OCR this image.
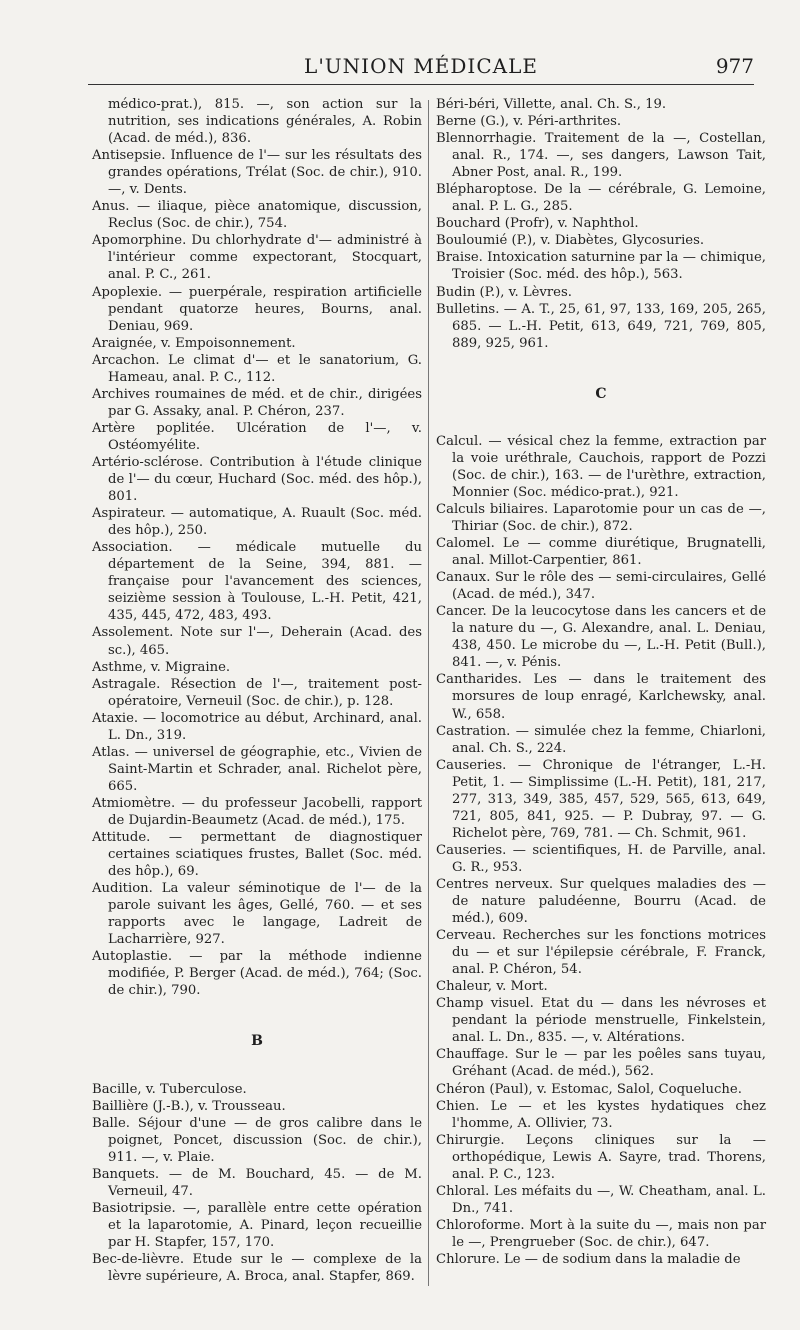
L'UNION MÉDICALE	977

médico-prat.), 815. —, son action sur la nutrition, ses indications générales, A. Robin (Acad. de méd.), 836.

Antisepsie. Influence de l'— sur les résultats des grandes opérations, Trélat (Soc. de chir.), 910. —, v. Dents.

Anus. — iliaque, pièce anatomique, discussion, Reclus (Soc. de chir.), 754.

Apomorphine. Du chlorhydrate d'— administré à l'intérieur comme expectorant, Stocquart, anal. P. C., 261.

Apoplexie. — puerpérale, respiration artificielle pendant quatorze heures, Bourns, anal. Deniau, 969.

Araignée, v. Empoisonnement.

Arcachon. Le climat d'— et le sanatorium, G. Hameau, anal. P. C., 112.

Archives roumaines de méd. et de chir., dirigées par G. Assaky, anal. P. Chéron, 237.

Artère poplitée. Ulcération de l'—, v. Ostéomyélite.

Artério-sclérose. Contribution à l'étude clinique de l'— du cœur, Huchard (Soc. méd. des hôp.), 801.

Aspirateur. — automatique, A. Ruault (Soc. méd. des hôp.), 250.

Association. — médicale mutuelle du département de la Seine, 394, 881. — française pour l'avancement des sciences, seizième session à Toulouse, L.-H. Petit, 421, 435, 445, 472, 483, 493.

Assolement. Note sur l'—, Deherain (Acad. des sc.), 465.

Asthme, v. Migraine.

Astragale. Résection de l'—, traitement post-opératoire, Verneuil (Soc. de chir.), p. 128.

Ataxie. — locomotrice au début, Archinard, anal. L. Dn., 319.

Atlas. — universel de géographie, etc., Vivien de Saint-Martin et Schrader, anal. Richelot père, 665.

Atmiomètre. — du professeur Jacobelli, rapport de Dujardin-Beaumetz (Acad. de méd.), 175.

Attitude. — permettant de diagnostiquer certaines sciatiques frustes, Ballet (Soc. méd. des hôp.), 69.

Audition. La valeur séminotique de l'— de la parole suivant les âges, Gellé, 760. — et ses rapports avec le langage, Ladreit de Lacharrière, 927.

Autoplastie. — par la méthode indienne modifiée, P. Berger (Acad. de méd.), 764; (Soc. de chir.), 790.

B

Bacille, v. Tuberculose.

Baillière (J.-B.), v. Trousseau.

Balle. Séjour d'une — de gros calibre dans le poignet, Poncet, discussion (Soc. de chir.), 911. —, v. Plaie.

Banquets. — de M. Bouchard, 45. — de M. Verneuil, 47.

Basiotripsie. —, parallèle entre cette opération et la laparotomie, A. Pinard, leçon recueillie par H. Stapfer, 157, 170.

Bec-de-lièvre. Etude sur le — complexe de la lèvre supérieure, A. Broca, anal. Stapfer, 869.

Béri-béri, Villette, anal. Ch. S., 19.

Berne (G.), v. Péri-arthrites.

Blennorrhagie. Traitement de la —, Costellan, anal. R., 174. —, ses dangers, Lawson Tait, Abner Post, anal. R., 199.

Blépharoptose. De la — cérébrale, G. Lemoine, anal. P. L. G., 285.

Bouchard (Profr), v. Naphthol.

Bouloumié (P.), v. Diabètes, Glycosuries.

Braise. Intoxication saturnine par la — chimique, Troisier (Soc. méd. des hôp.), 563.

Budin (P.), v. Lèvres.

Bulletins. — A. T., 25, 61, 97, 133, 169, 205, 265, 685. — L.-H. Petit, 613, 649, 721, 769, 805, 889, 925, 961.

C

Calcul. — vésical chez la femme, extraction par la voie uréthrale, Cauchois, rapport de Pozzi (Soc. de chir.), 163. — de l'urèthre, extraction, Monnier (Soc. médico-prat.), 921.

Calculs biliaires. Laparotomie pour un cas de —, Thiriar (Soc. de chir.), 872.

Calomel. Le — comme diurétique, Brugnatelli, anal. Millot-Carpentier, 861.

Canaux. Sur le rôle des — semi-circulaires, Gellé (Acad. de méd.), 347.

Cancer. De la leucocytose dans les cancers et de la nature du —, G. Alexandre, anal. L. Deniau, 438, 450. Le microbe du —, L.-H. Petit (Bull.), 841. —, v. Pénis.

Cantharides. Les — dans le traitement des morsures de loup enragé, Karlchewsky, anal. W., 658.

Castration. — simulée chez la femme, Chiarloni, anal. Ch. S., 224.

Causeries. — Chronique de l'étranger, L.-H. Petit, 1. — Simplissime (L.-H. Petit), 181, 217, 277, 313, 349, 385, 457, 529, 565, 613, 649, 721, 805, 841, 925. — P. Dubray, 97. — G. Richelot père, 769, 781. — Ch. Schmit, 961.

Causeries. — scientifiques, H. de Parville, anal. G. R., 953.

Centres nerveux. Sur quelques maladies des — de nature paludéenne, Bourru (Acad. de méd.), 609.

Cerveau. Recherches sur les fonctions motrices du — et sur l'épilepsie cérébrale, F. Franck, anal. P. Chéron, 54.

Chaleur, v. Mort.

Champ visuel. Etat du — dans les névroses et pendant la période menstruelle, Finkelstein, anal. L. Dn., 835. —, v. Altérations.

Chauffage. Sur le — par les poêles sans tuyau, Gréhant (Acad. de méd.), 562.

Chéron (Paul), v. Estomac, Salol, Coqueluche.

Chien. Le — et les kystes hydatiques chez l'homme, A. Ollivier, 73.

Chirurgie. Leçons cliniques sur la — orthopédique, Lewis A. Sayre, trad. Thorens, anal. P. C., 123.

Chloral. Les méfaits du —, W. Cheatham, anal. L. Dn., 741.

Chloroforme. Mort à la suite du —, mais non par le —, Prengrueber (Soc. de chir.), 647.

Chlorure. Le — de sodium dans la maladie de
